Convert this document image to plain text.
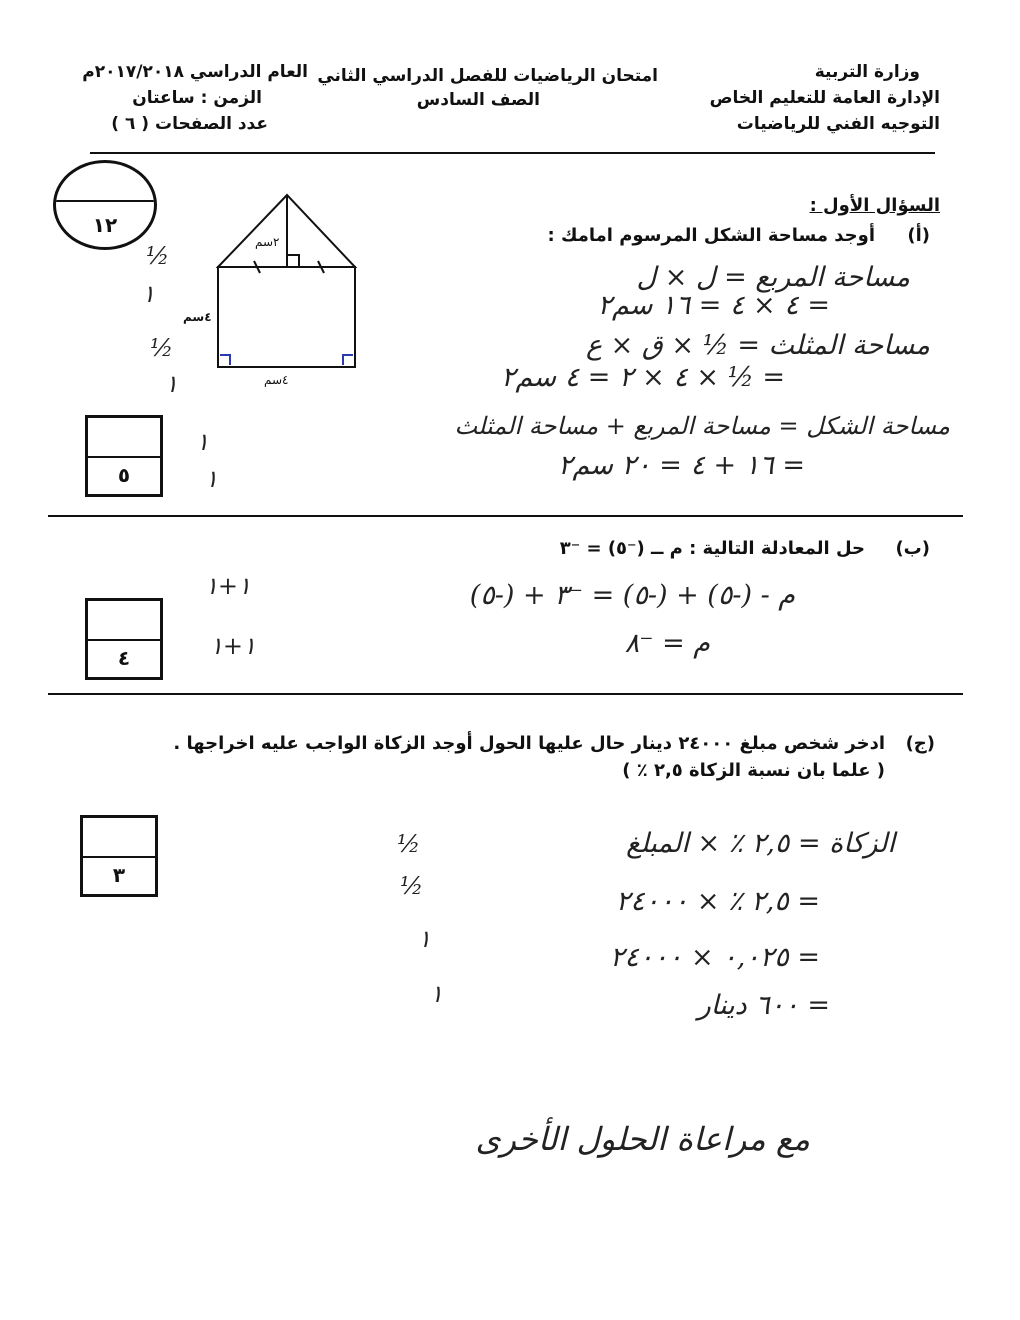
وزارة التربية
الإدارة العامة للتعليم الخاص
التوجيه الفني للرياضيات
امتحان الرياضيات للفصل الدراسي الثاني
الصف السادس
العام الدراسي ٢٠١٧/٢٠١٨م
الزمن : ساعتان
عدد الصفحات ( ٦ )
١٢
السؤال الأول :
(أ)
أوجد مساحة الشكل المرسوم امامك :
٢سم
٤سم
٤سم
مساحة المربع = ل × ل
= ٤ × ٤ = ١٦ سم٢
مساحة المثلث = ½ × ق × ع
= ½ × ٤ × ٢ = ٤ سم٢
مساحة الشكل = مساحة المربع + مساحة المثلث
= ١٦ + ٤ = ٢٠ سم٢
½
١
½
١
١
١
٥
(ب)
حل المعادلة التالية : م ــ (⁻٥) = ⁻٣
م - (-٥) + (-٥) = ⁻٣ + (-٥)
م = ⁻٨
١+١
١+١
٤
(ج)
ادخر شخص مبلغ ٢٤٠٠٠ دينار حال عليها الحول أوجد الزكاة الواجب عليه اخراجها .
( علما بان نسبة الزكاة ٢,٥ ٪ )
الزكاة = ٢,٥ ٪ × المبلغ
= ٢,٥ ٪ × ٢٤٠٠٠
= ٠,٠٢٥ × ٢٤٠٠٠
= ٦٠٠ دينار
½
½
١
١
٣
مع مراعاة الحلول الأخرى
